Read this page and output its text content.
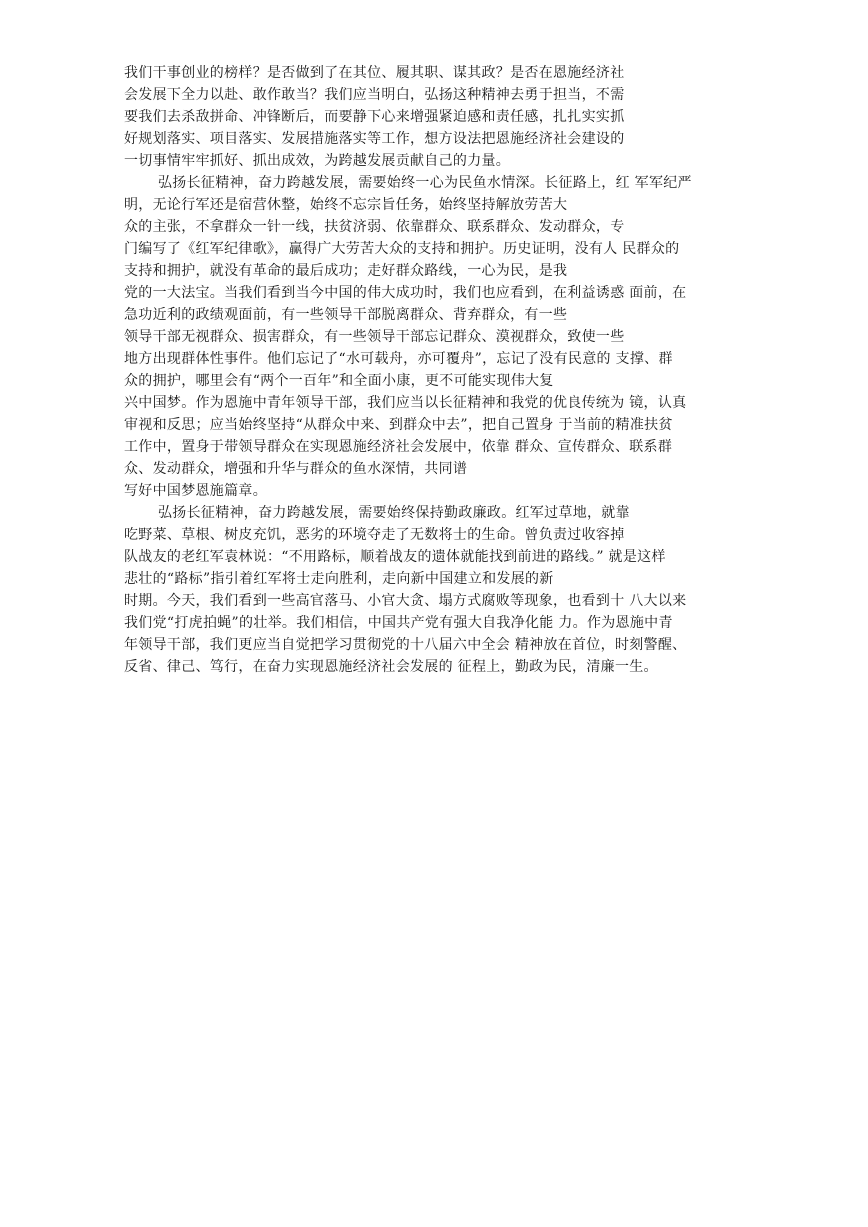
我们干事创业的榜样？是否做到了在其位、履其职、谋其政？是否在恩施经济社
会发展下全力以赴、敢作敢当？我们应当明白，弘扬这种精神去勇于担当，不需
要我们去杀敌拼命、冲锋断后，而要静下心来增强紧迫感和责任感，扎扎实实抓
好规划落实、项目落实、发展措施落实等工作，想方设法把恩施经济社会建设的
一切事情牢牢抓好、抓出成效，为跨越发展贡献自己的力量。
弘扬长征精神，奋力跨越发展，需要始终一心为民鱼水情深。长征路上，红 军军纪严
明，无论行军还是宿营休整，始终不忘宗旨任务，始终坚持解放劳苦大
众的主张，不拿群众一针一线，扶贫济弱、依靠群众、联系群众、发动群众，专
门编写了《红军纪律歌》，赢得广大劳苦大众的支持和拥护。历史证明，没有人 民群众的
支持和拥护，就没有革命的最后成功；走好群众路线，一心为民，是我
党的一大法宝。当我们看到当今中国的伟大成功时，我们也应看到，在利益诱惑 面前，在
急功近利的政绩观面前，有一些领导干部脱离群众、背弃群众，有一些
领导干部无视群众、损害群众，有一些领导干部忘记群众、漠视群众，致使一些
地方出现群体性事件。他们忘记了“水可载舟，亦可覆舟”，忘记了没有民意的 支撑、群
众的拥护，哪里会有“两个一百年”和全面小康，更不可能实现伟大复
兴中国梦。作为恩施中青年领导干部，我们应当以长征精神和我党的优良传统为 镜，认真
审视和反思；应当始终坚持“从群众中来、到群众中去”，把自己置身 于当前的精准扶贫
工作中，置身于带领导群众在实现恩施经济社会发展中，依靠 群众、宣传群众、联系群
众、发动群众，增强和升华与群众的鱼水深情，共同谱
写好中国梦恩施篇章。
弘扬长征精神，奋力跨越发展，需要始终保持勤政廉政。红军过草地，就靠
吃野菜、草根、树皮充饥，恶劣的环境夺走了无数将士的生命。曾负责过收容掉
队战友的老红军袁林说：“不用路标，顺着战友的遗体就能找到前进的路线。” 就是这样
悲壮的“路标”指引着红军将士走向胜利，走向新中国建立和发展的新
时期。今天，我们看到一些高官落马、小官大贪、塌方式腐败等现象，也看到十 八大以来
我们党“打虎拍蝇”的壮举。我们相信，中国共产党有强大自我净化能 力。作为恩施中青
年领导干部，我们更应当自觉把学习贯彻党的十八届六中全会 精神放在首位，时刻警醒、
反省、律己、笃行，在奋力实现恩施经济社会发展的 征程上，勤政为民，清廉一生。
